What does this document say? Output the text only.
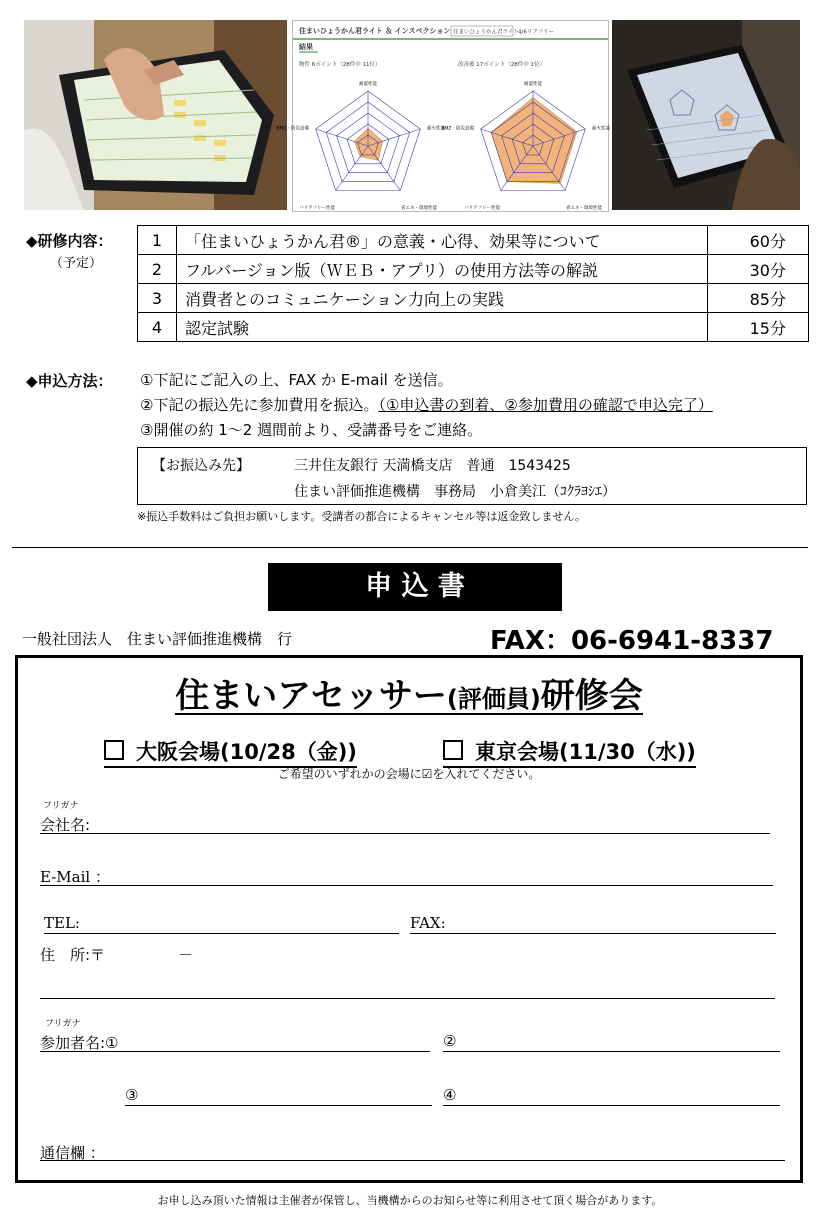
住まいひょうかん君ライト ＆ インスペクション 住まいひょうかん君ライト 4/6リアフリー
結果
物件 6ポイント（28件中 11位）	改善後 17ポイント（28件中 1位）
耐震性能
耐火性能
省エネ・環境性能
バリアフリー性能
BMZ・防災設備
耐震性能
耐火性能
省エネ・環境性能
バリアフリー性能
BMZ・防災設備
◆研修内容：
（予定）
1	「住まいひょうかん君®」の意義・心得、効果等について	60分
2	フルバージョン版（ＷＥＢ・アプリ）の使用方法等の解説	30分
3	消費者とのコミュニケーション力向上の実践	85分
4	認定試験	15分
◆申込方法： ①下記にご記入の上、FAX か E-mail を送信。
②下記の振込先に参加費用を振込。（①申込書の到着、②参加費用の確認で申込完了）
③開催の約 1～2 週間前より、受講番号をご連絡。
【お振込み先】	三井住友銀行 天満橋支店　普通　1543425
住まい評価推進機構　事務局　小倉美江（ｺｸﾗﾖｼｴ）
※振込手数料はご負担お願いします。受講者の都合によるキャンセル等は返金致しません。
申 込 書
一般社団法人　住まい評価推進機構　行	FAX：06-6941-8337
住まいアセッサー(評価員)研修会
大阪会場(10/28（金))	東京会場(11/30（水))
ご希望のいずれかの会場に☑を入れてください。
フリガナ
会社名:
E-Mail ：
TEL:	FAX:
住　所:〒	－
フリガナ
参加者名:①	②
③	④
通信欄 ：
お申し込み頂いた情報は主催者が保管し、当機構からのお知らせ等に利用させて頂く場合があります。
